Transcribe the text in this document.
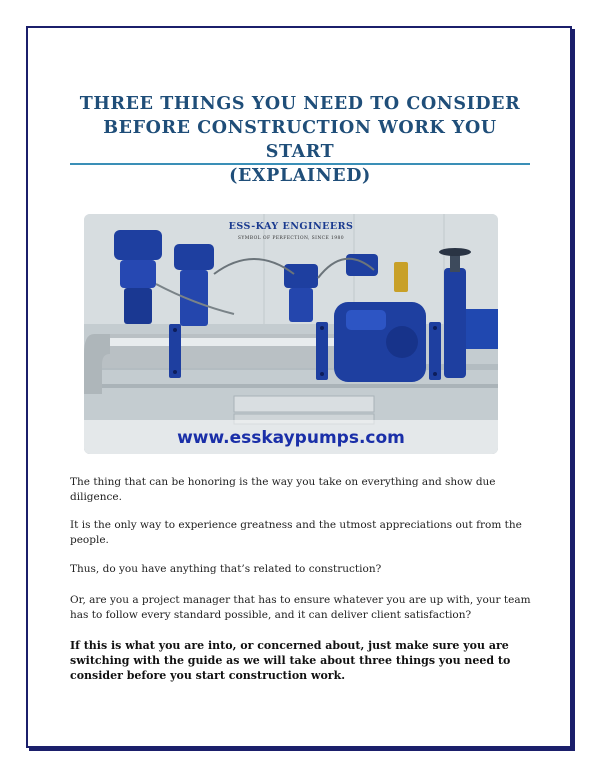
THREE THINGS YOU NEED TO CONSIDER
BEFORE CONSTRUCTION WORK YOU START
(EXPLAINED)
ESS-KAY ENGINEERS
SYMBOL OF PERFECTION, SINCE 1980
www.esskaypumps.com

The thing that can be honoring is the way you take on everything and show due diligence.

It is the only way to experience greatness and the utmost appreciations out from the people.

Thus, do you have anything that’s related to construction?

Or, are you a project manager that has to ensure whatever you are up with, your team has to follow every standard possible, and it can deliver client satisfaction?

If this is what you are into, or concerned about, just make sure you are switching with the guide as we will take about three things you need to consider before you start construction work.
